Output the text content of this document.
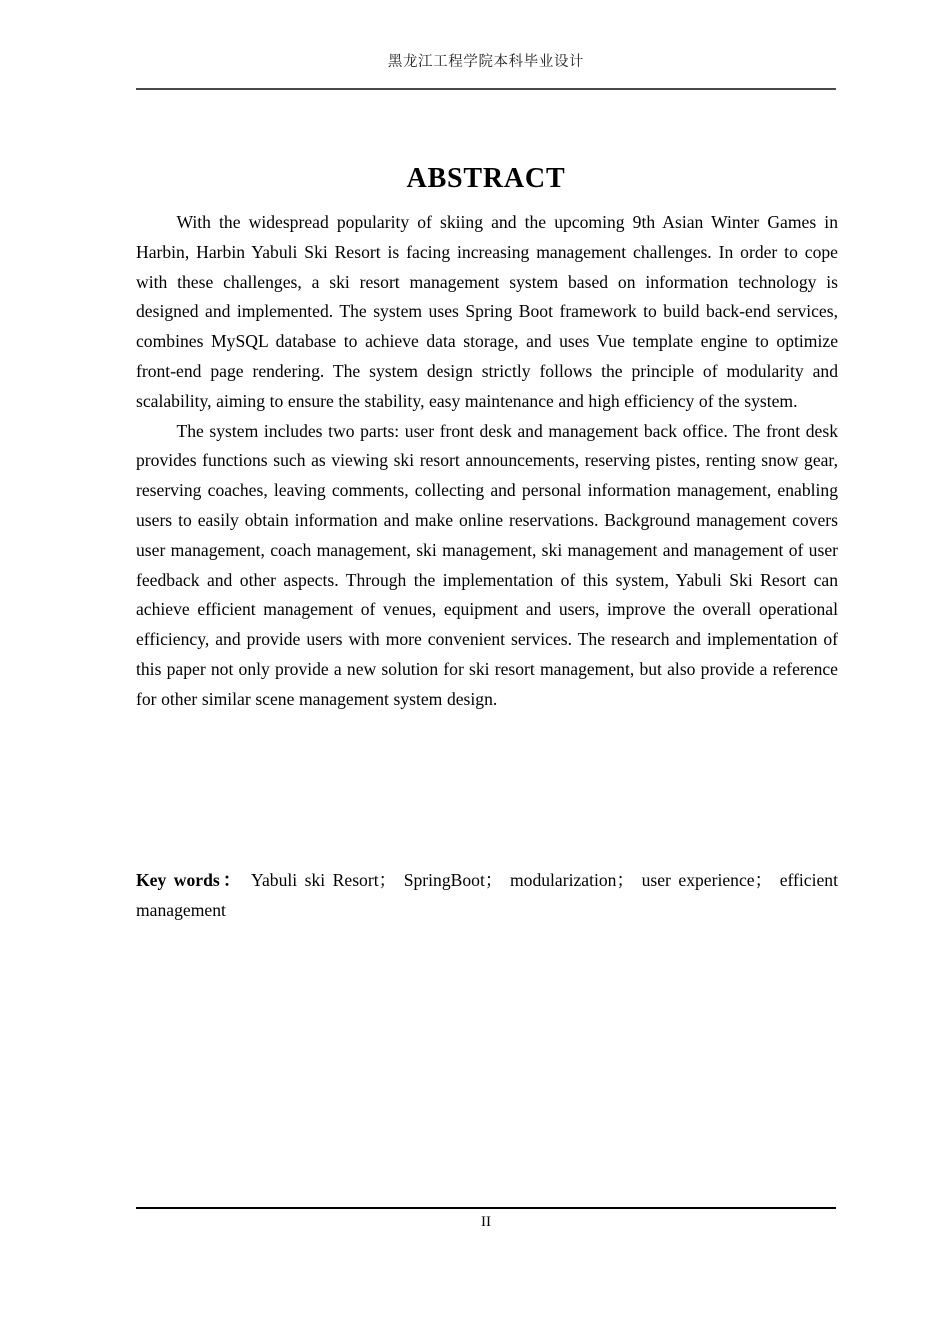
黑龙江工程学院本科毕业设计
ABSTRACT

With the widespread popularity of skiing and the upcoming 9th Asian Winter Games in Harbin, Harbin Yabuli Ski Resort is facing increasing management challenges. In order to cope with these challenges, a ski resort management system based on information technology is designed and implemented. The system uses Spring Boot framework to build back-end services, combines MySQL database to achieve data storage, and uses Vue template engine to optimize front-end page rendering. The system design strictly follows the principle of modularity and scalability, aiming to ensure the stability, easy maintenance and high efficiency of the system.

The system includes two parts: user front desk and management back office. The front desk provides functions such as viewing ski resort announcements, reserving pistes, renting snow gear, reserving coaches, leaving comments, collecting and personal information management, enabling users to easily obtain information and make online reservations. Background management covers user management, coach management, ski management, ski management and management of user feedback and other aspects. Through the implementation of this system, Yabuli Ski Resort can achieve efficient management of venues, equipment and users, improve the overall operational efficiency, and provide users with more convenient services. The research and implementation of this paper not only provide a new solution for ski resort management, but also provide a reference for other similar scene management system design.

Key words： Yabuli ski Resort； SpringBoot； modularization； user experience； efficient management
II
